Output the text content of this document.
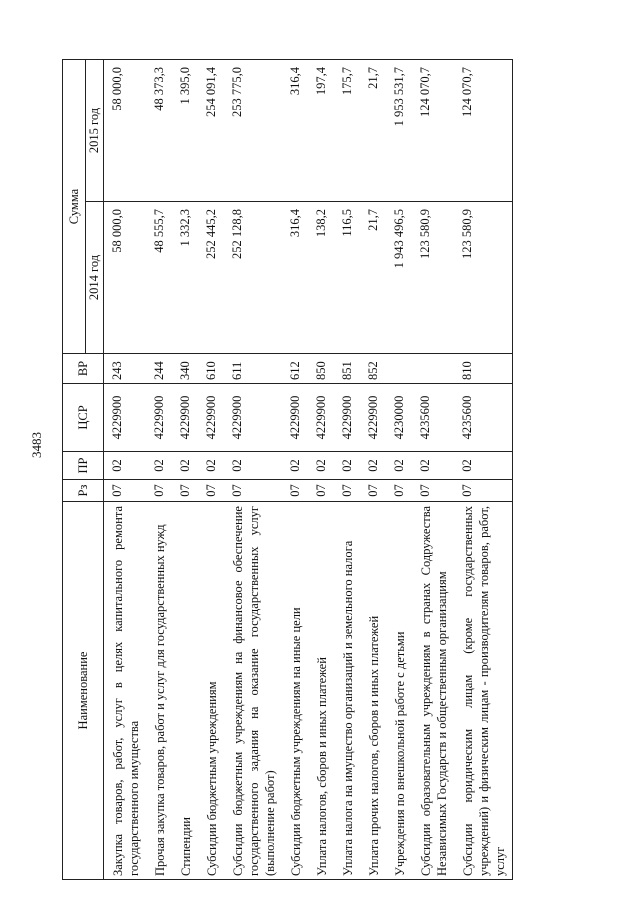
3483
Наименование	Рз	ПР	ЦСР	ВР	Сумма	
					2014 год	2015 год
Закупка товаров, работ, услуг в целях капитального ремонта государственного имущества	07	02	4229900	243	58 000,0	58 000,0
Прочая закупка товаров, работ и услуг для государственных нужд	07	02	4229900	244	48 555,7	48 373,3
Стипендии	07	02	4229900	340	1 332,3	1 395,0
Субсидии бюджетным учреждениям	07	02	4229900	610	252 445,2	254 091,4
Субсидии бюджетным учреждениям на финансовое обеспечение государственного задания на оказание государственных услуг (выполнение работ)	07	02	4229900	611	252 128,8	253 775,0
Субсидии бюджетным учреждениям на иные цели	07	02	4229900	612	316,4	316,4
Уплата налогов, сборов и иных платежей	07	02	4229900	850	138,2	197,4
Уплата налога на имущество организаций и земельного налога	07	02	4229900	851	116,5	175,7
Уплата прочих налогов, сборов и иных платежей	07	02	4229900	852	21,7	21,7
Учреждения по внешкольной работе с детьми	07	02	4230000		1 943 496,5	1 953 531,7
Субсидии образовательным учреждениям в странах Содружества Независимых Государств и общественным организациям	07	02	4235600		123 580,9	124 070,7
Субсидии юридическим лицам (кроме государственных учреждений) и физическим лицам - производителям товаров, работ, услуг	07	02	4235600	810	123 580,9	124 070,7
